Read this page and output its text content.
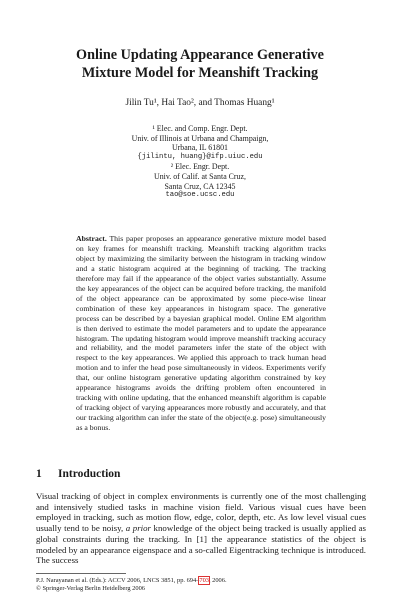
Online Updating Appearance Generative
Mixture Model for Meanshift Tracking
Jilin Tu¹, Hai Tao², and Thomas Huang¹
¹ Elec. and Comp. Engr. Dept.
Univ. of Illinois at Urbana and Champaign,
Urbana, IL 61801
{jilintu, huang}@ifp.uiuc.edu
² Elec. Engr. Dept.
Univ. of Calif. at Santa Cruz,
Santa Cruz, CA 12345
tao@soe.ucsc.edu
Abstract. This paper proposes an appearance generative mixture model based on key frames for meanshift tracking. Meanshift tracking algorithm tracks object by maximizing the similarity between the histogram in tracking window and a static histogram acquired at the beginning of tracking. The tracking therefore may fail if the appearance of the object varies substantially. Assume the key appearances of the object can be acquired before tracking, the manifold of the object appearance can be approximated by some piece-wise linear combination of these key appearances in histogram space. The generative process can be described by a bayesian graphical model. Online EM algorithm is then derived to estimate the model parameters and to update the appearance histogram. The updating histogram would improve meanshift tracking accuracy and reliability, and the model parameters infer the state of the object with respect to the key appearances. We applied this approach to track human head motion and to infer the head pose simultaneously in videos. Experiments verify that, our online histogram generative updating algorithm constrained by key appearance histograms avoids the drifting problem often encountered in tracking with online updating, that the enhanced meanshift algorithm is capable of tracking object of varying appearances more robustly and accurately, and that our tracking algorithm can infer the state of the object(e.g. pose) simultaneously as a bonus.
1 Introduction
Visual tracking of object in complex environments is currently one of the most challenging and intensively studied tasks in machine vision field. Various visual cues have been employed in tracking, such as motion flow, edge, color, depth, etc. As low level visual cues usually tend to be noisy, a prior knowledge of the object being tracked is usually applied as global constraints during the tracking. In [1] the appearance statistics of the object is modeled by an appearance eigenspace and a so-called Eigentracking technique is introduced. The success
P.J. Narayanan et al. (Eds.): ACCV 2006, LNCS 3851, pp. 694–703, 2006.
© Springer-Verlag Berlin Heidelberg 2006
